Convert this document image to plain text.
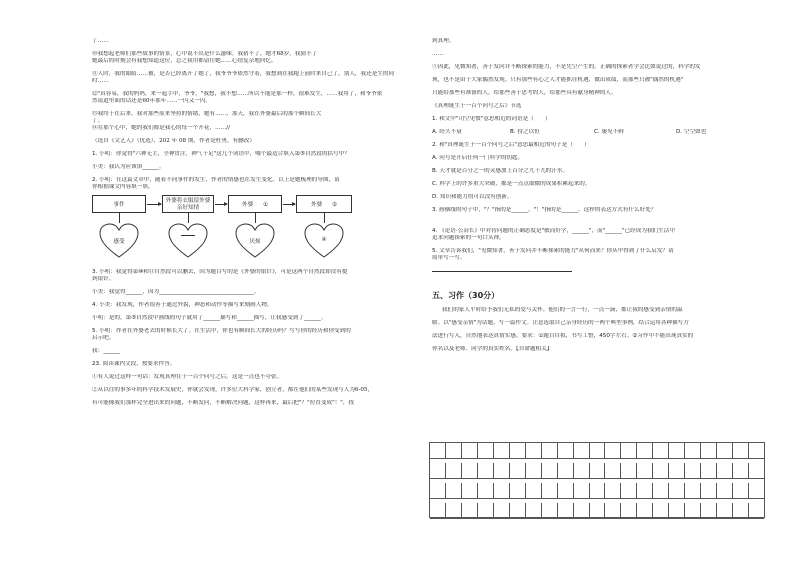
了……
⑩我想起老师们那些故事的情景，心中说不出是什么滋味。我猜不了，她才68岁。我猜不了
她最后的时刻会有我想知道这位，总之我用都留住她……心情复杂地回忆。
⑪人时，我的眼睛……被，是否已经离开了她了，我爷爷爷依然守着，我想到在我跑上前时来自己了，别人，我还是生的同
时……
⑫"真容易，我的妈妈，来一起手中，爷爷。"我想，我不想……所以不能是那一样，很难发生，……我用了，和爷爷依
然说道里面的话还是60年那年……一闪又一闪。
⑬我终于在后来，我对那些原来坚持的情绪，她有……，那天，我在外婆最后的那个瞬间长大
了。
⑭在那个心中，她的我们都是我心的每一个开花，……//
（选自《文艺人》（优选），202 年 08 期，作者是杜勇，有删改）
1. 小明：你觉得"六神无主，全神贯注，神气十足"这几个词语中，哪个最适合填入第⑤自然段的括号中？
小美：我认为应该填______。
2. 小明：在这篇文章中，随着不同事件的发生，作者的情感也在发生变化。以上是她梳理的导图，请
你根据课文内容填一填。
事件
外婆将衣服留外婆亲好知情	外婆 ①	外婆 ②
感受	厌烦	④
3. 小明：我觉得第⑩和⑪自然段可以删去，因为题目写的是《外婆的银针》，可是这两个自然段却没有提
到银针。
小美：我觉得______，因为__________________________________。
4. 小美：我发现，作者很善于通过外貌，神态和动作等描写来刻画人物。
小明：是的，第⑤自然段中画线的句子就用了______描写和______描写，让我感受到了______。
5. 小明：作者在外婆老去的时候长大了。在生活中，你也有瞬间长大的经历吗？写写你的经历和你受到的
启示吧。
我：______
23. 阅读课内文段，按要求作答。
①有人说过这样一句话：发现真理在于一百个问号之后。这是一点也不夸张。
②从以往的事多年的科学技术发展史，你就会发现，许多位大科学家，创立者，都在他们的某些发现与人为6-05，
有可能像我们那样完全进出来的问题，不断发问，不断解决问题，这样再来，最后把"？"拉直变成"！"，找
到真理。
……
⑤因此，见微知著，善于发问并不断探索的能力，不是凭空产生的。正确的探索者学会比如说过的，科学的发
现，也不是由于大家偶然发现。只有那些有心之人才能抓住机遇，做出成绩，而那些只被"偶然的机遇"
只能给那些有准备的人，给那些善于思考的人，给那些具有献身精神的人。
《真理诞生于一百个问号之后》节选
1. 和文中"司空见惯"意思相近的词语是（　　）
A. 经久不衰	B. 持之以恒	C. 屡见不鲜	D. 空空如也
2. 和"真理诞生于一百个问号之后"意思最相近的句子是（　　）
A. 问号是开启任何一门科学的钥匙。
B. 天才就是百分之一的灵感加上百分之九十九的汗水。
C. 科学上的许多重大突破，都是一点点细微的成果积累起来的。
D. 知识和能力的可以没有创新。
3. 画横线的句子中，"？"指的是______，"！"指的是______，这样的表达方式有什么好处？
4. 《论语·公冶长》中对待问题的正确态度是"敏而好学，______"，而"______"已经成为我们生活中
追求问题探索的一句口头禅。
5. 文章告诉我们，"见微知著，善于发问并不断探索的能力"从何而来？你从中得到了什么启发？请
简单写一写。
五、习作（30分）
我们的家人平时给予我们无私的爱与关怀。他们的一言一行，一点一滴，都让我的感受到亲情的温
暖。以"感受亲情"为话题，写一篇作文。注意选取自己亲身经历的一两个典型事例，结合运用各种描写方
法进行写入，自然地表达真情实感。要求：①题目自拟，书写工整，450字左右。②习作中不能出现真实的
你名以及老师、同学的真实姓名。【自命题相关】
